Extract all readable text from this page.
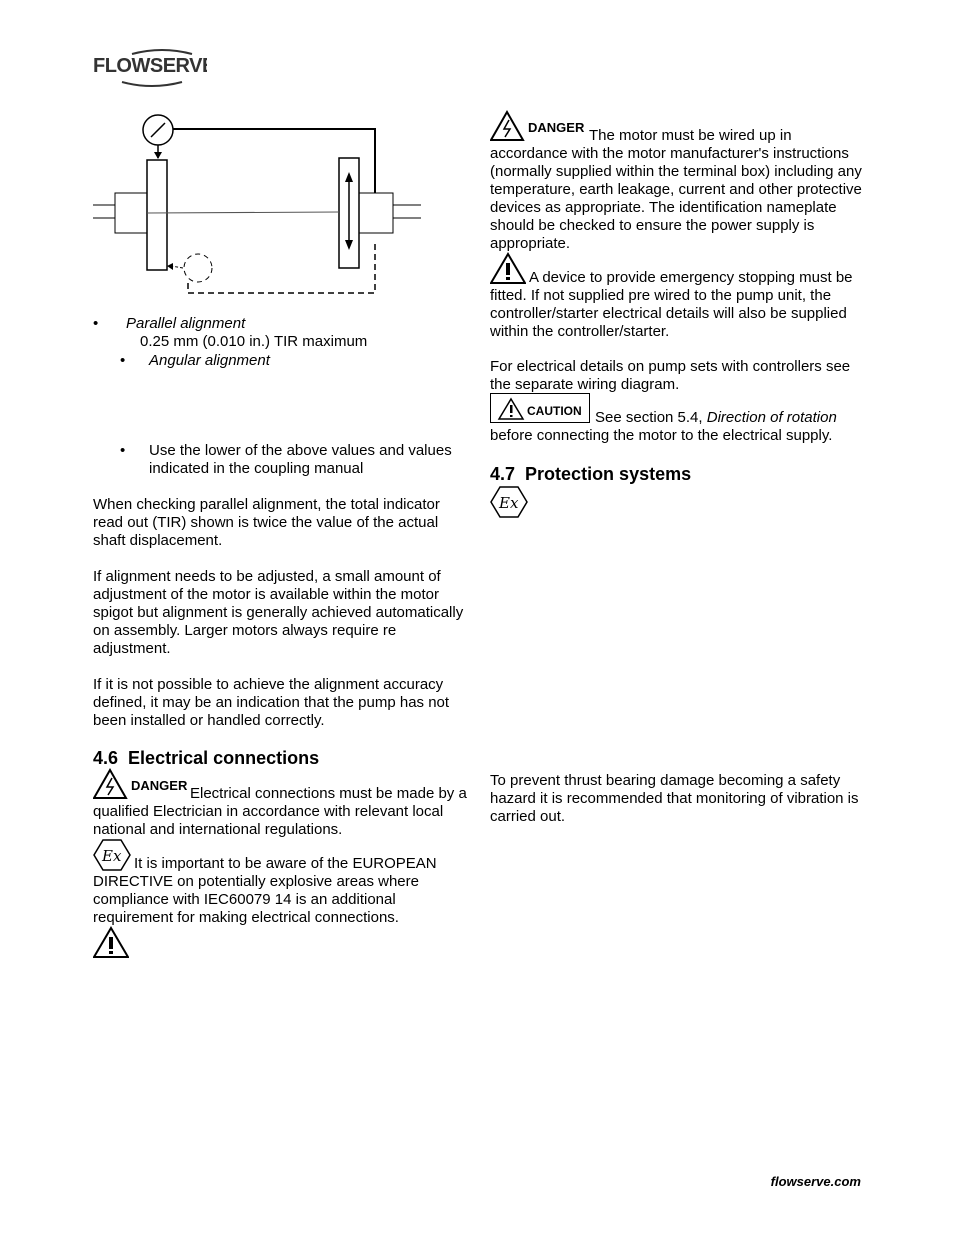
FLOWSERVE
• Parallel alignment
0.25 mm (0.010 in.) TIR maximum
• Angular alignment
• Use the lower of the above values and values indicated in the coupling manual

When checking parallel alignment, the total indicator read out (TIR) shown is twice the value of the actual shaft displacement.

If alignment needs to be adjusted, a small amount of adjustment of the motor is available within the motor spigot but alignment is generally achieved automatically on assembly. Larger motors always require re adjustment.

If it is not possible to achieve the alignment accuracy defined, it may be an indication that the pump has not been installed or handled correctly.

4.6 Electrical connections
DANGER Electrical connections must be made by a qualified Electrician in accordance with relevant local national and international regulations.

Ex It is important to be aware of the EUROPEAN DIRECTIVE on potentially explosive areas where compliance with IEC60079 14 is an additional requirement for making electrical connections.

DANGER The motor must be wired up in accordance with the motor manufacturer's instructions (normally supplied within the terminal box) including any temperature, earth leakage, current and other protective devices as appropriate. The identification nameplate should be checked to ensure the power supply is appropriate.

A device to provide emergency stopping must be fitted. If not supplied pre wired to the pump unit, the controller/starter electrical details will also be supplied within the controller/starter.

For electrical details on pump sets with controllers see the separate wiring diagram.

CAUTION See section 5.4, Direction of rotation before connecting the motor to the electrical supply.

4.7 Protection systems
Ex

To prevent thrust bearing damage becoming a safety hazard it is recommended that monitoring of vibration is carried out.

flowserve.com
